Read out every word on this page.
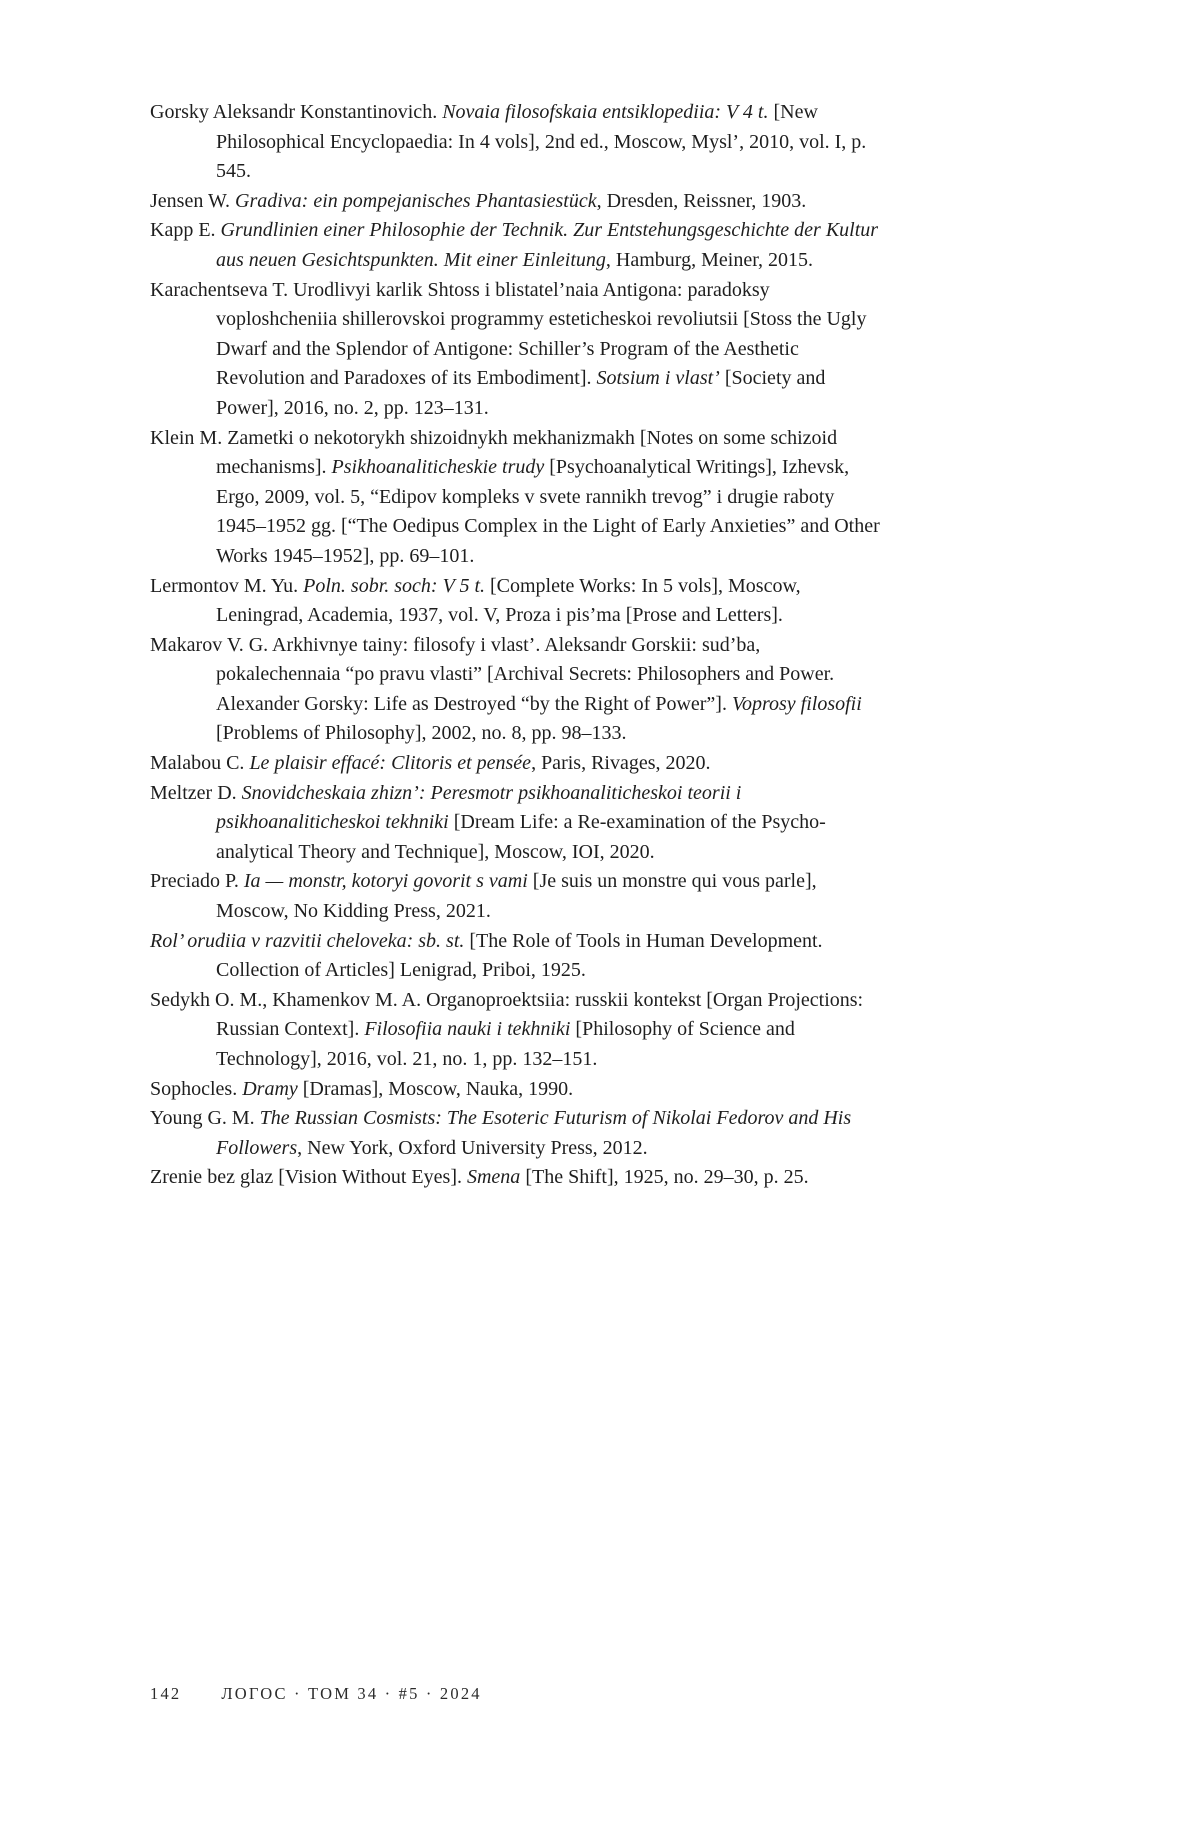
Gorsky Aleksandr Konstantinovich. Novaia filosofskaia entsiklopediia: V 4 t. [New Philosophical Encyclopaedia: In 4 vols], 2nd ed., Moscow, Mysl’, 2010, vol. I, p. 545.

Jensen W. Gradiva: ein pompejanisches Phantasiestück, Dresden, Reissner, 1903.

Kapp E. Grundlinien einer Philosophie der Technik. Zur Entstehungsgeschichte der Kultur aus neuen Gesichtspunkten. Mit einer Einleitung, Hamburg, Meiner, 2015.

Karachentseva T. Urodlivyi karlik Shtoss i blistatel’naia Antigona: paradoksy voploshcheniia shillerovskoi programmy esteticheskoi revoliutsii [Stoss the Ugly Dwarf and the Splendor of Antigone: Schiller’s Program of the Aesthetic Revolution and Paradoxes of its Embodiment]. Sotsium i vlast’ [Society and Power], 2016, no. 2, pp. 123–131.

Klein M. Zametki o nekotorykh shizoidnykh mekhanizmakh [Notes on some schizoid mechanisms]. Psikhoanaliticheskie trudy [Psychoanalytical Writings], Izhevsk, Ergo, 2009, vol. 5, “Edipov kompleks v svete rannikh trevog” i drugie raboty 1945–1952 gg. [“The Oedipus Complex in the Light of Early Anxieties” and Other Works 1945–1952], pp. 69–101.

Lermontov M. Yu. Poln. sobr. soch: V 5 t. [Complete Works: In 5 vols], Moscow, Leningrad, Academia, 1937, vol. V, Proza i pis’ma [Prose and Letters].

Makarov V. G. Arkhivnye tainy: filosofy i vlast’. Aleksandr Gorskii: sud’ba, pokalechennaia “po pravu vlasti” [Archival Secrets: Philosophers and Power. Alexander Gorsky: Life as Destroyed “by the Right of Power”]. Voprosy filosofii [Problems of Philosophy], 2002, no. 8, pp. 98–133.

Malabou C. Le plaisir effacé: Clitoris et pensée, Paris, Rivages, 2020.

Meltzer D. Snovidcheskaia zhizn’: Peresmotr psikhoanaliticheskoi teorii i psikhoanaliticheskoi tekhniki [Dream Life: a Re-examination of the Psycho-analytical Theory and Technique], Moscow, IOI, 2020.

Preciado P. Ia — monstr, kotoryi govorit s vami [Je suis un monstre qui vous parle], Moscow, No Kidding Press, 2021.

Rol’ orudiia v razvitii cheloveka: sb. st. [The Role of Tools in Human Development. Collection of Articles] Lenigrad, Priboi, 1925.

Sedykh O. M., Khamenkov M. A. Organoproektsiia: russkii kontekst [Organ Projections: Russian Context]. Filosofiia nauki i tekhniki [Philosophy of Science and Technology], 2016, vol. 21, no. 1, pp. 132–151.

Sophocles. Dramy [Dramas], Moscow, Nauka, 1990.

Young G. M. The Russian Cosmists: The Esoteric Futurism of Nikolai Fedorov and His Followers, New York, Oxford University Press, 2012.

Zrenie bez glaz [Vision Without Eyes]. Smena [The Shift], 1925, no. 29–30, p. 25.

142 ЛОГОС · ТОМ 34 · #5 · 2024
